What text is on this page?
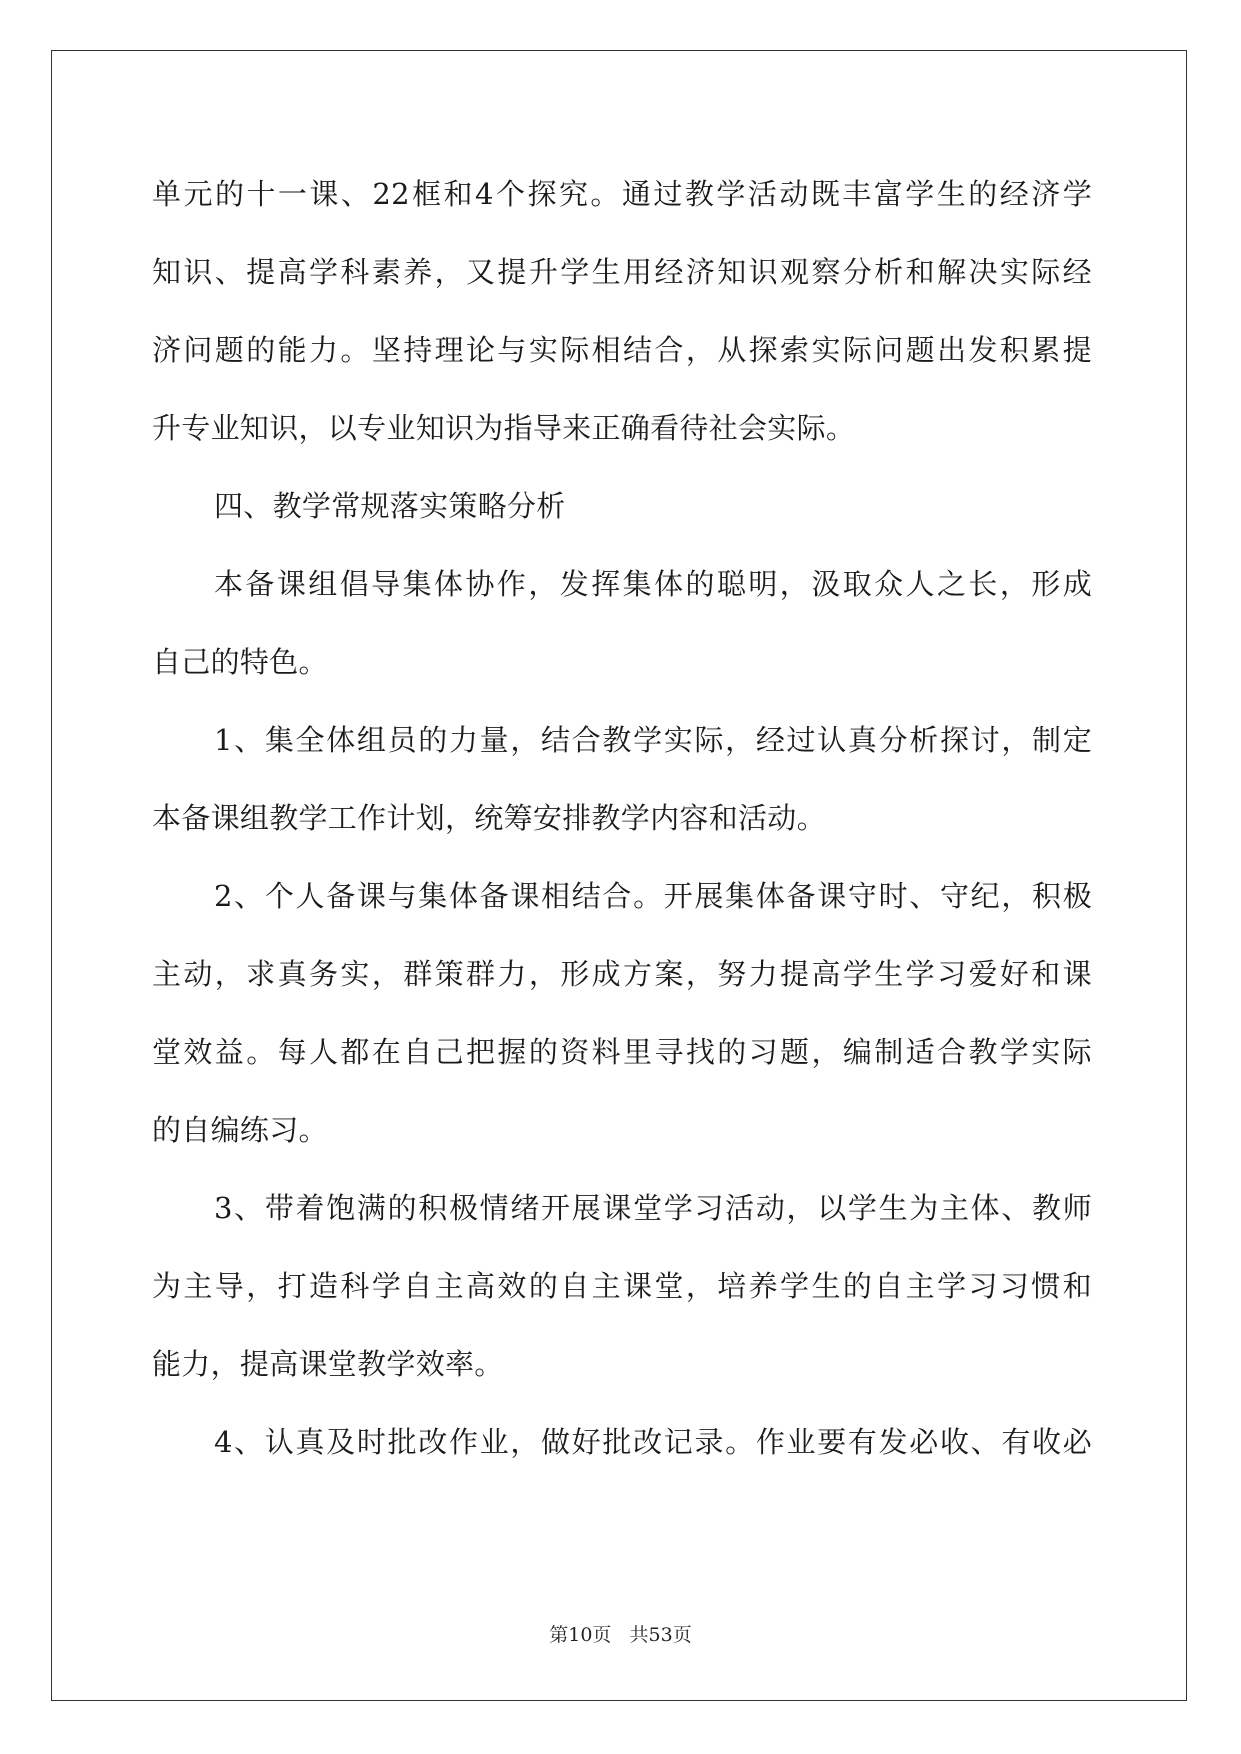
单元的十一课、22框和4个探究。通过教学活动既丰富学生的经济学
知识、提高学科素养，又提升学生用经济知识观察分析和解决实际经
济问题的能力。坚持理论与实际相结合，从探索实际问题出发积累提
升专业知识，以专业知识为指导来正确看待社会实际。
四、教学常规落实策略分析
本备课组倡导集体协作，发挥集体的聪明，汲取众人之长，形成
自己的特色。
1、集全体组员的力量，结合教学实际，经过认真分析探讨，制定
本备课组教学工作计划，统筹安排教学内容和活动。
2、个人备课与集体备课相结合。开展集体备课守时、守纪，积极
主动，求真务实，群策群力，形成方案，努力提高学生学习爱好和课
堂效益。每人都在自己把握的资料里寻找的习题，编制适合教学实际
的自编练习。
3、带着饱满的积极情绪开展课堂学习活动，以学生为主体、教师
为主导，打造科学自主高效的自主课堂，培养学生的自主学习习惯和
能力，提高课堂教学效率。
4、认真及时批改作业，做好批改记录。作业要有发必收、有收必
第10页   共53页
